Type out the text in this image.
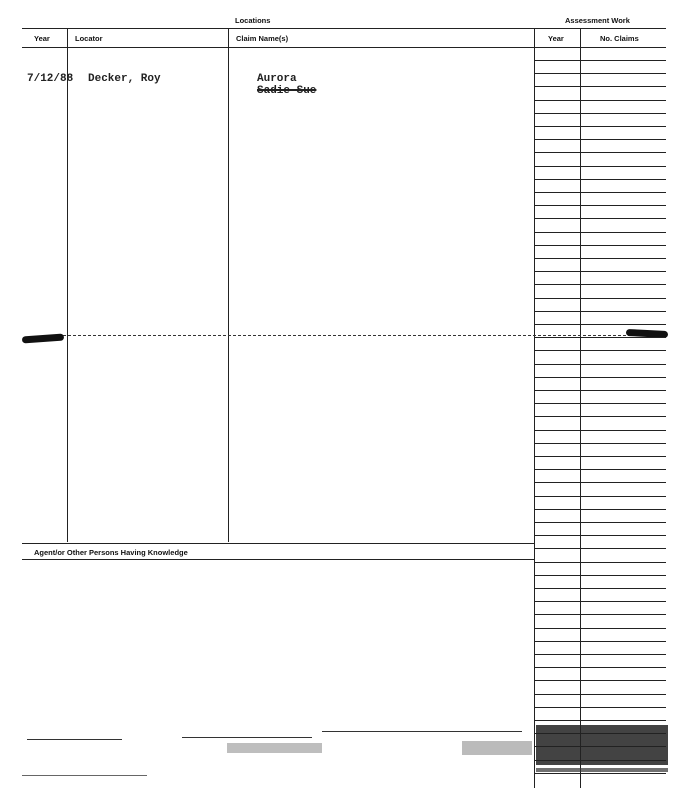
Locations	Assessment Work
Year	Locator	Claim Name(s)	Year	No. Claims
7/12/88 Decker, Roy	Aurora
Sadie Sue
Agent/or Other Persons Having Knowledge
